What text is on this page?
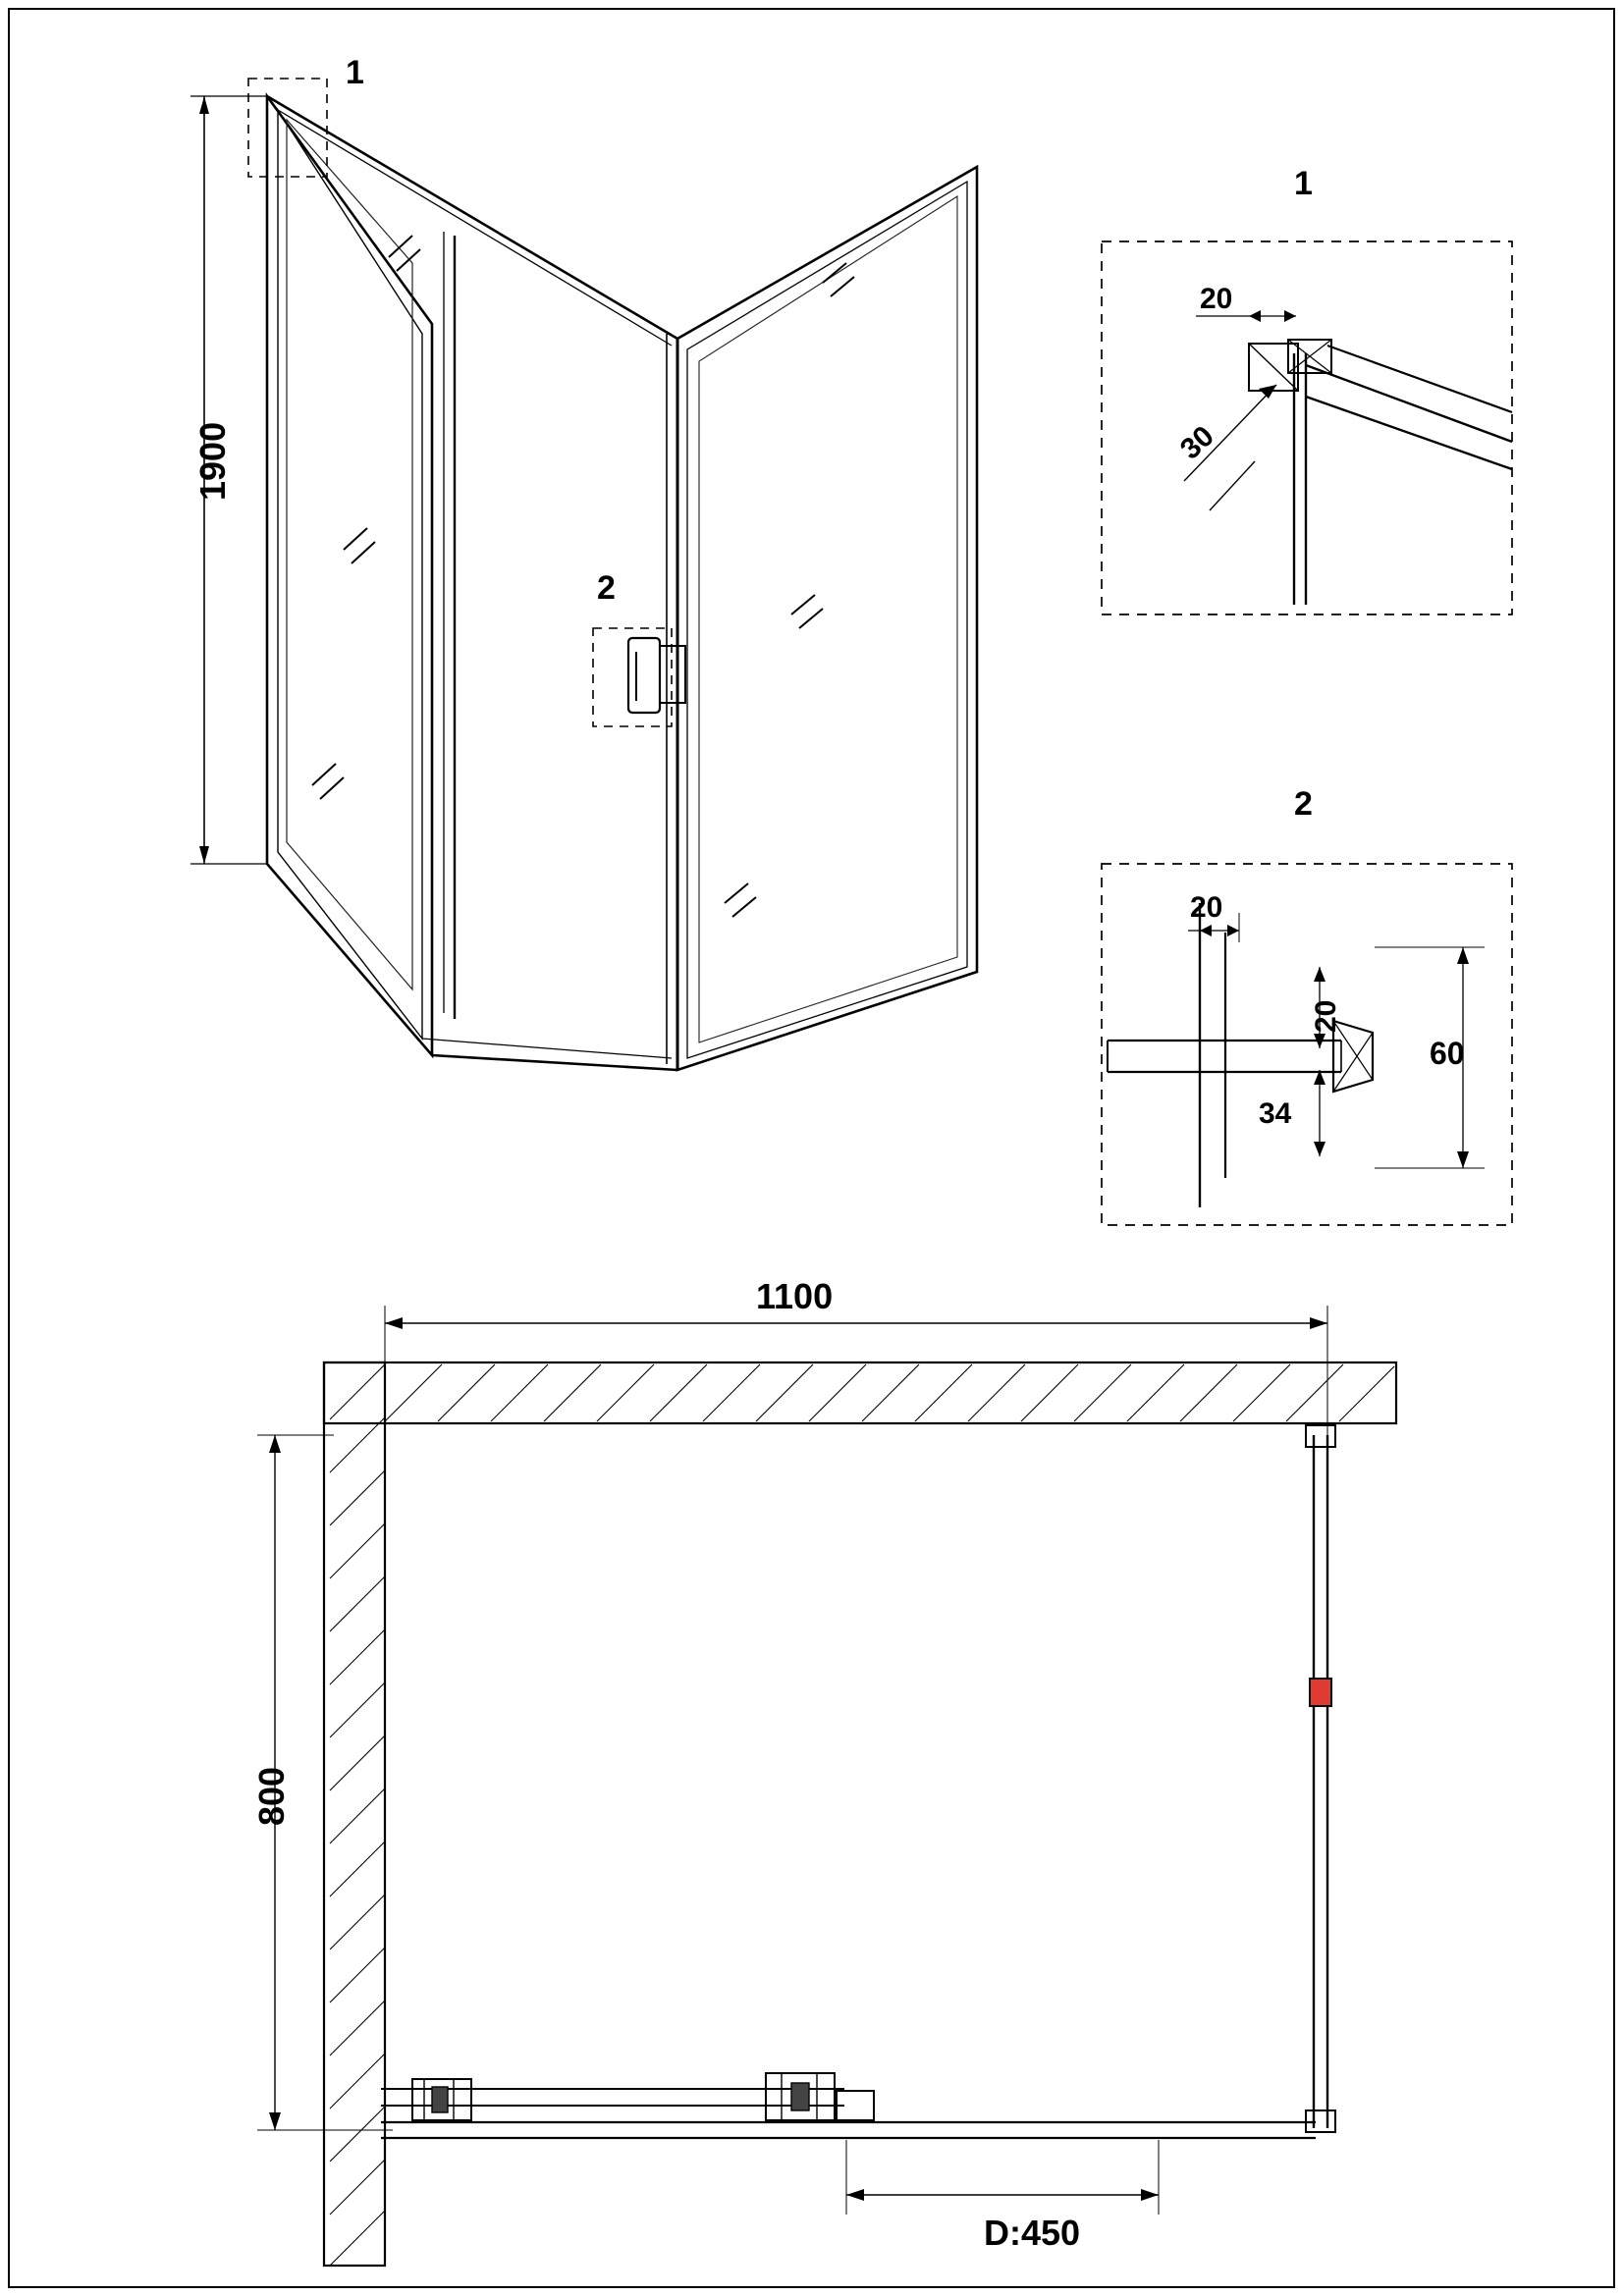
1
2
1900
1
20
30
2
20
20
34
60
1100
800
D:450
